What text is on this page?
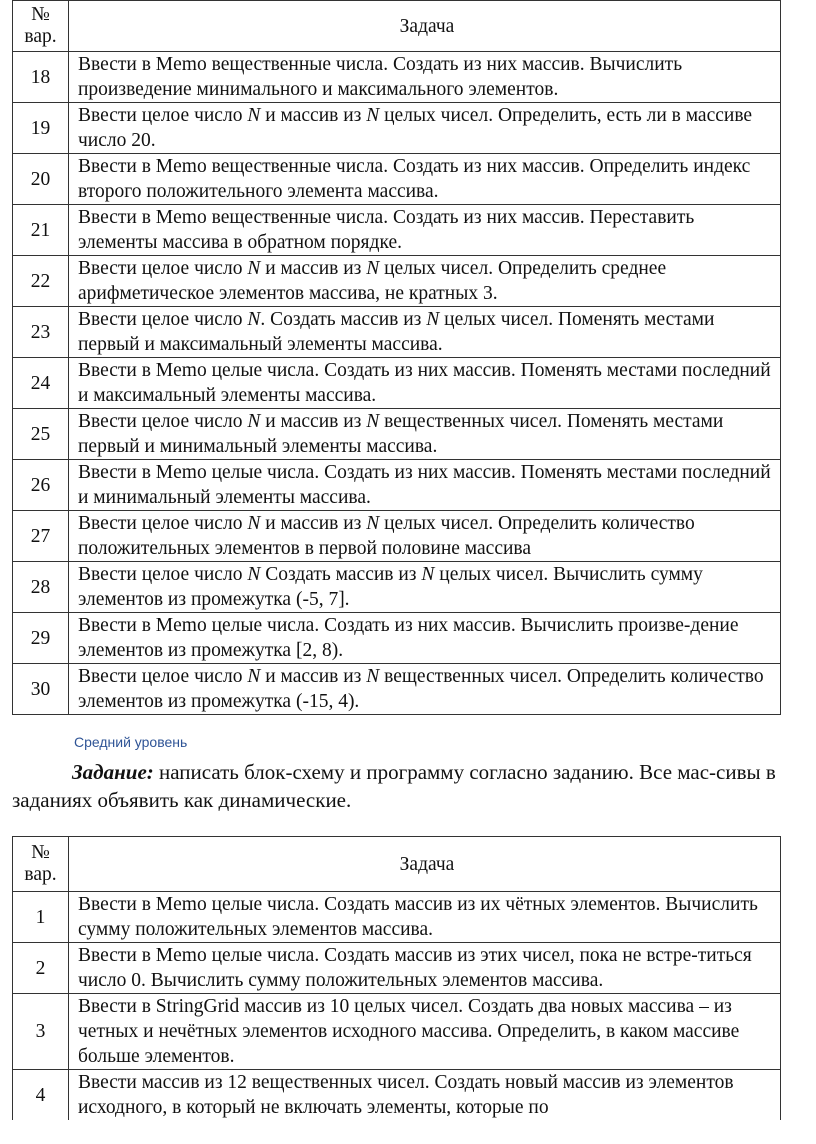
№
вар.	Задача
18	Ввести в Memo вещественные числа. Создать из них массив. Вычислить произведение минимального и максимального элементов.
19	Ввести целое число N и массив из N целых чисел. Определить, есть ли в массиве число 20.
20	Ввести в Memo вещественные числа. Создать из них массив. Определить индекс второго положительного элемента массива.
21	Ввести в Memo вещественные числа. Создать из них массив. Переставить элементы массива в обратном порядке.
22	Ввести целое число N и массив из N целых чисел. Определить среднее арифметическое элементов массива, не кратных 3.
23	Ввести целое число N. Создать массив из N целых чисел. Поменять местами первый и максимальный элементы массива.
24	Ввести в Memo целые числа. Создать из них массив. Поменять местами последний и максимальный элементы массива.
25	Ввести целое число N и массив из N вещественных чисел. Поменять местами первый и минимальный элементы массива.
26	Ввести в Memo целые числа. Создать из них массив. Поменять местами последний и минимальный элементы массива.
27	Ввести целое число N и массив из N целых чисел. Определить количество положительных элементов в первой половине массива
28	Ввести целое число N Создать массив из N целых чисел. Вычислить сумму элементов из промежутка (-5, 7].
29	Ввести в Memo целые числа. Создать из них массив. Вычислить произве-дение элементов из промежутка [2, 8).
30	Ввести целое число N и массив из N вещественных чисел. Определить количество элементов из промежутка (-15, 4).
Средний уровень

Задание: написать блок-схему и программу согласно заданию. Все мас-сивы в заданиях объявить как динамические.

№
вар.	Задача
1	Ввести в Memo целые числа. Создать массив из их чётных элементов. Вычислить сумму положительных элементов массива.
2	Ввести в Memo целые числа. Создать массив из этих чисел, пока не встре-титься число 0. Вычислить сумму положительных элементов массива.
3	Ввести в StringGrid массив из 10 целых чисел. Создать два новых массива – из четных и нечётных элементов исходного массива. Определить, в каком массиве больше элементов.
4	Ввести массив из 12 вещественных чисел. Создать новый массив из элементов исходного, в который не включать элементы, которые по
